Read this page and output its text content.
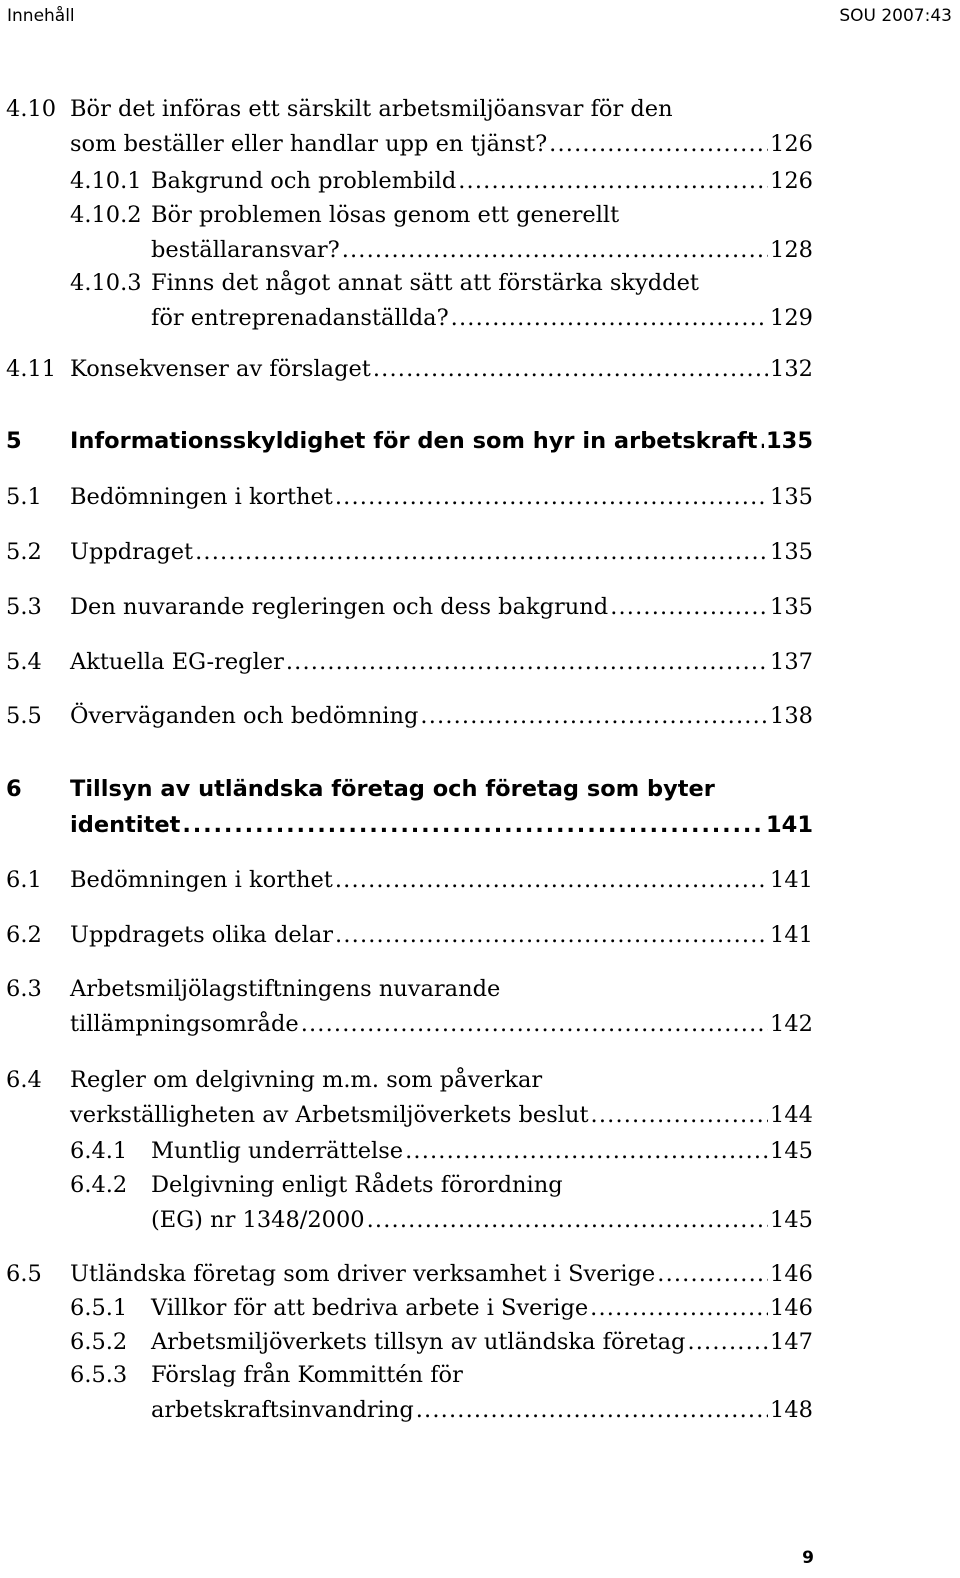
Innehåll	SOU 2007:43
4.10 Bör det införas ett särskilt arbetsmiljöansvar för den
som beställer eller handlar upp en tjänst? . . .	126
4.10.1 Bakgrund och problembild . . .	126
4.10.2 Bör problemen lösas genom ett generellt
beställaransvar? . . .	128
4.10.3 Finns det något annat sätt att förstärka skyddet
för entreprenadanställda? . . .	129
4.11 Konsekvenser av förslaget . . .	132
5 Informationsskyldighet för den som hyr in arbetskraft . . . 135
5.1 Bedömningen i korthet . . .	135
5.2 Uppdraget . . .	135
5.3 Den nuvarande regleringen och dess bakgrund . . .	135
5.4 Aktuella EG-regler . . .	137
5.5 Överväganden och bedömning . . .	138
6 Tillsyn av utländska företag och företag som byter
identitet . . .	141
6.1 Bedömningen i korthet . . .	141
6.2 Uppdragets olika delar . . .	141
6.3 Arbetsmiljölagstiftningens nuvarande
tillämpningsområde . . .	142
6.4 Regler om delgivning m.m. som påverkar
verkställigheten av Arbetsmiljöverkets beslut . . .	144
6.4.1 Muntlig underrättelse . . .	145
6.4.2 Delgivning enligt Rådets förordning
(EG) nr 1348/2000 . . .	145
6.5 Utländska företag som driver verksamhet i Sverige . . .	146
6.5.1 Villkor för att bedriva arbete i Sverige . . .	146
6.5.2 Arbetsmiljöverkets tillsyn av utländska företag . . .	147
6.5.3 Förslag från Kommittén för
arbetskraftsinvandring . . .	148
9
